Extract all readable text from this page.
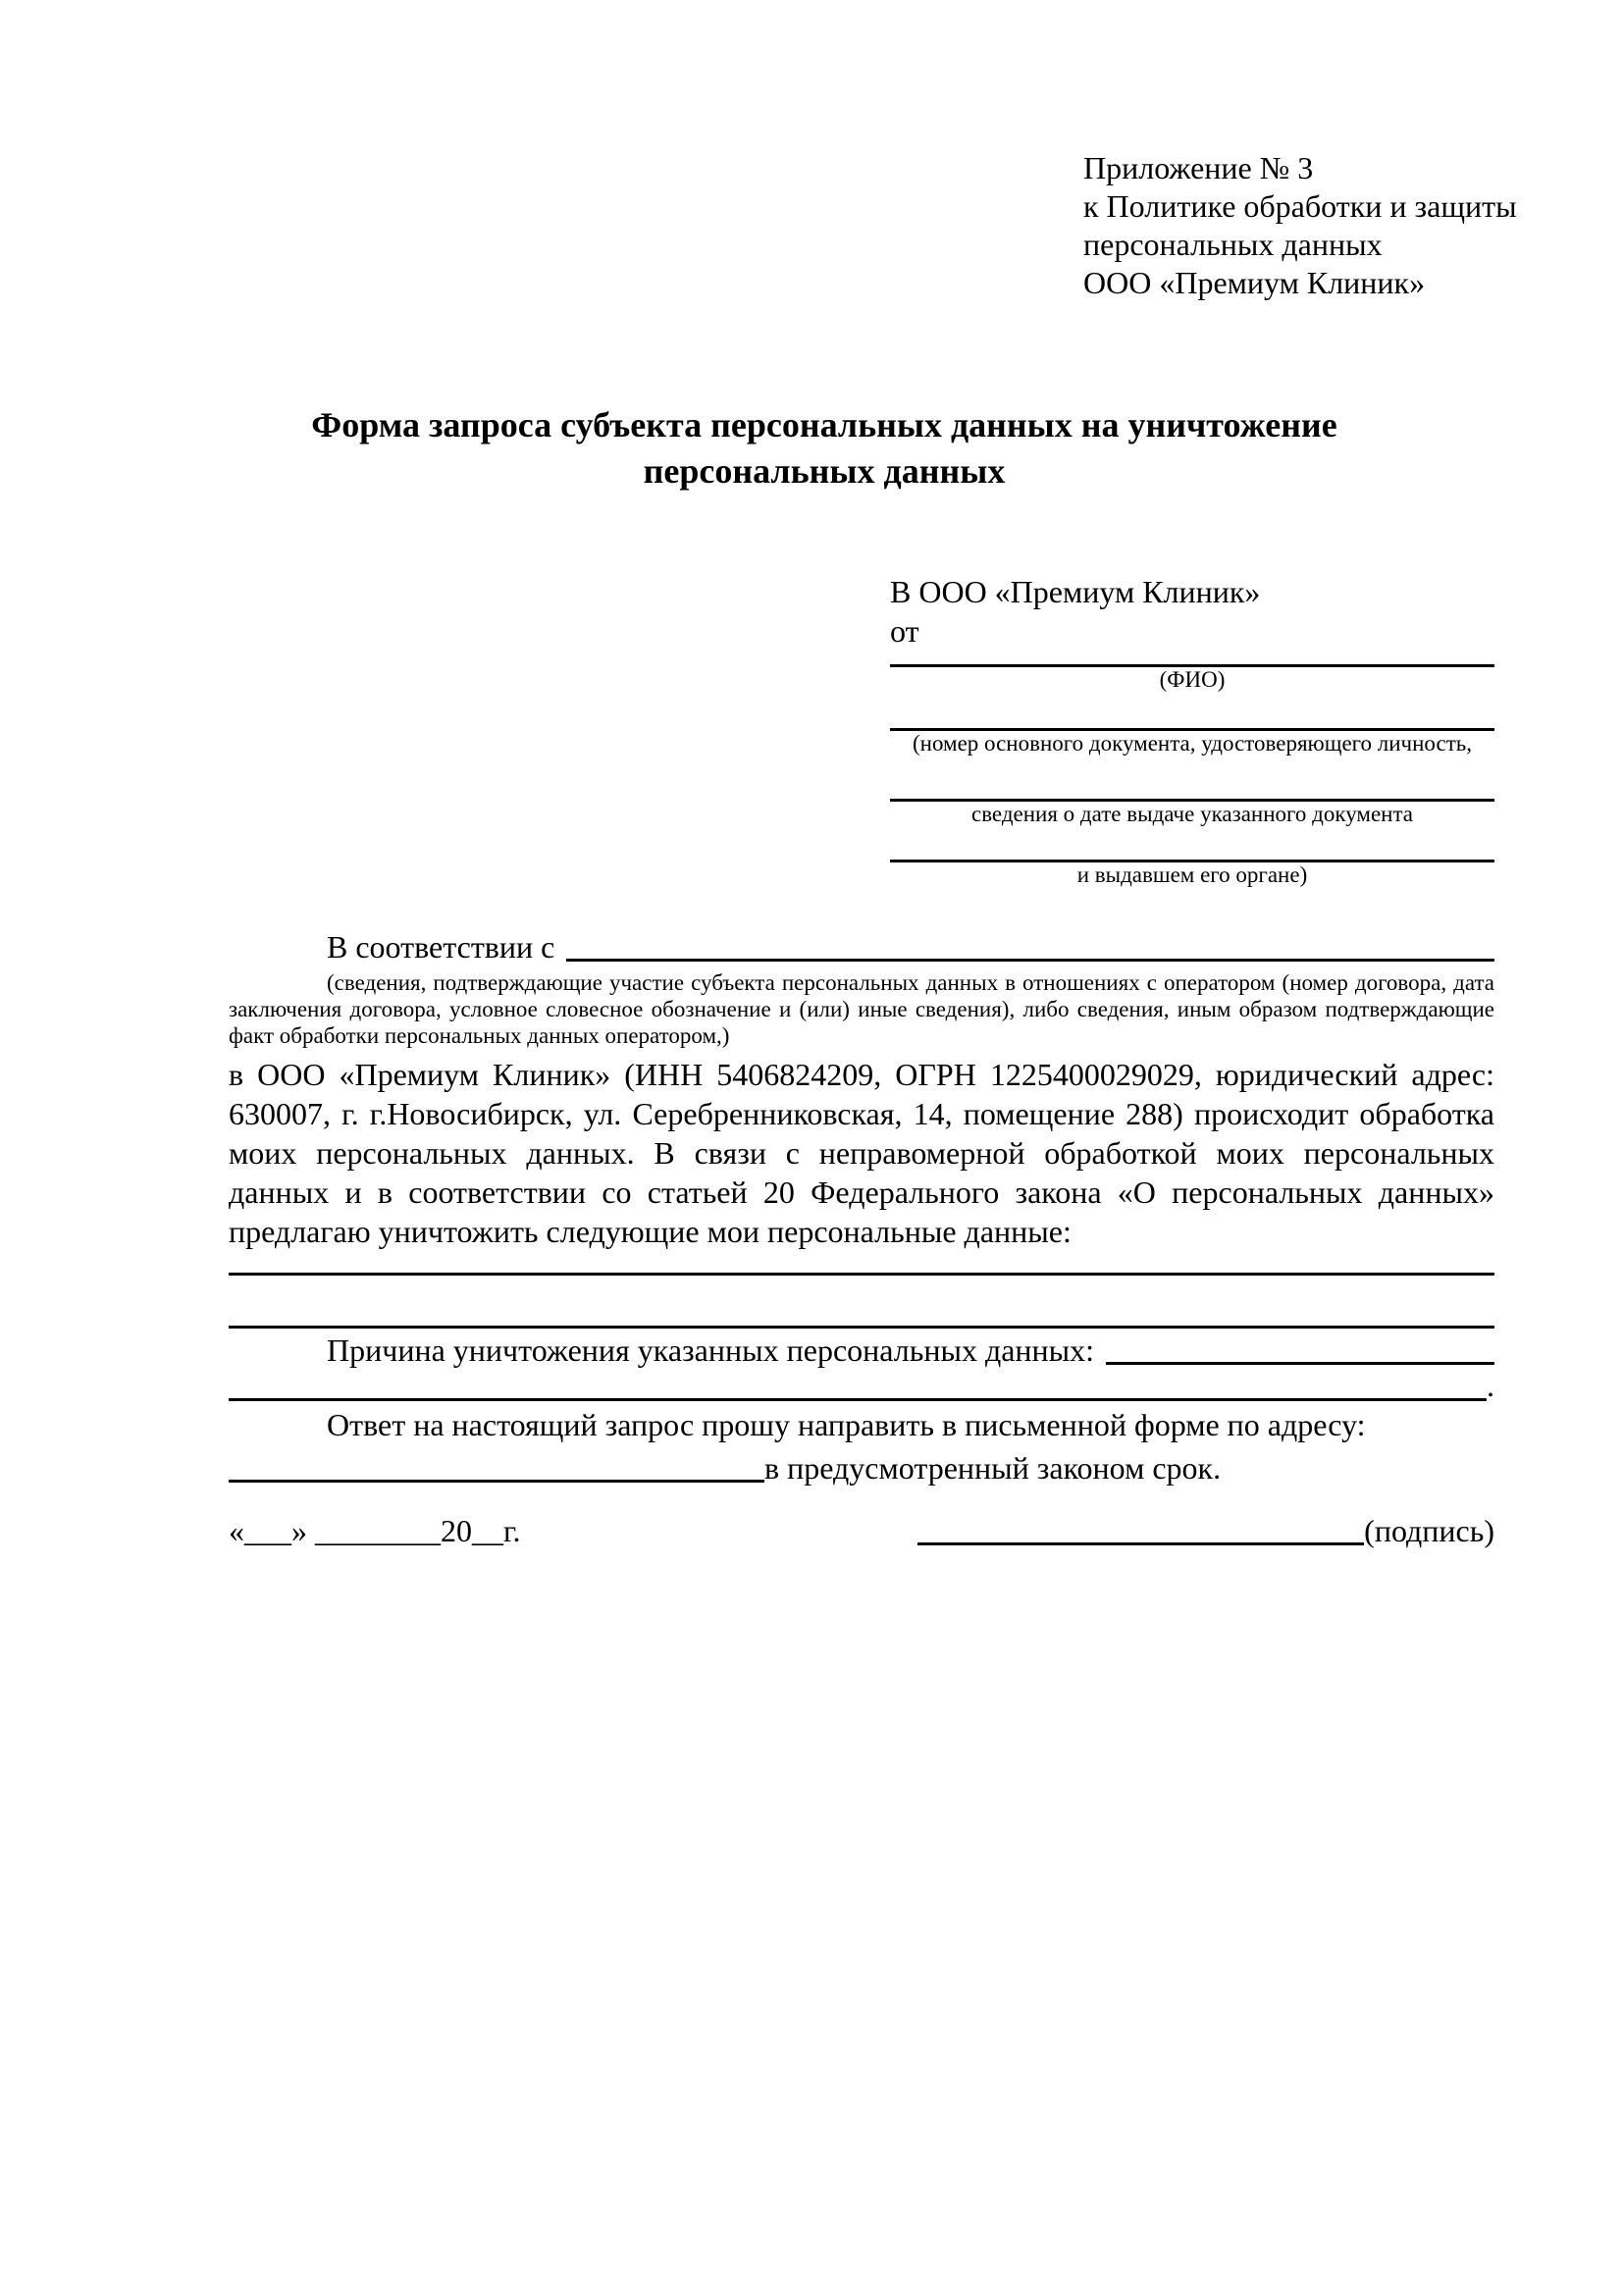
Приложение № 3
к Политике обработки и защиты
персональных данных
ООО «Премиум Клиник»
Форма запроса субъекта персональных данных на уничтожение
персональных данных
В ООО «Премиум Клиник»
от
(ФИО)
(номер основного документа, удостоверяющего личность,
сведения о дате выдаче указанного документа
и выдавшем его органе)
В соответствии с
(сведения, подтверждающие участие субъекта персональных данных в отношениях с оператором (номер договора, дата заключения договора, условное словесное обозначение и (или) иные сведения), либо сведения, иным образом подтверждающие факт обработки персональных данных оператором,)
в ООО «Премиум Клиник» (ИНН 5406824209, ОГРН 1225400029029, юридический адрес: 630007, г. г.Новосибирск, ул. Серебренниковская, 14, помещение 288) происходит обработка моих персональных данных. В связи с неправомерной обработкой моих персональных данных и в соответствии со статьей 20 Федерального закона «О персональных данных» предлагаю уничтожить следующие мои персональные данные:
Причина уничтожения указанных персональных данных:
.
Ответ на настоящий запрос прошу направить в письменной форме по адресу:
в предусмотренный законом срок.
«___» ________20__г.	(подпись)
